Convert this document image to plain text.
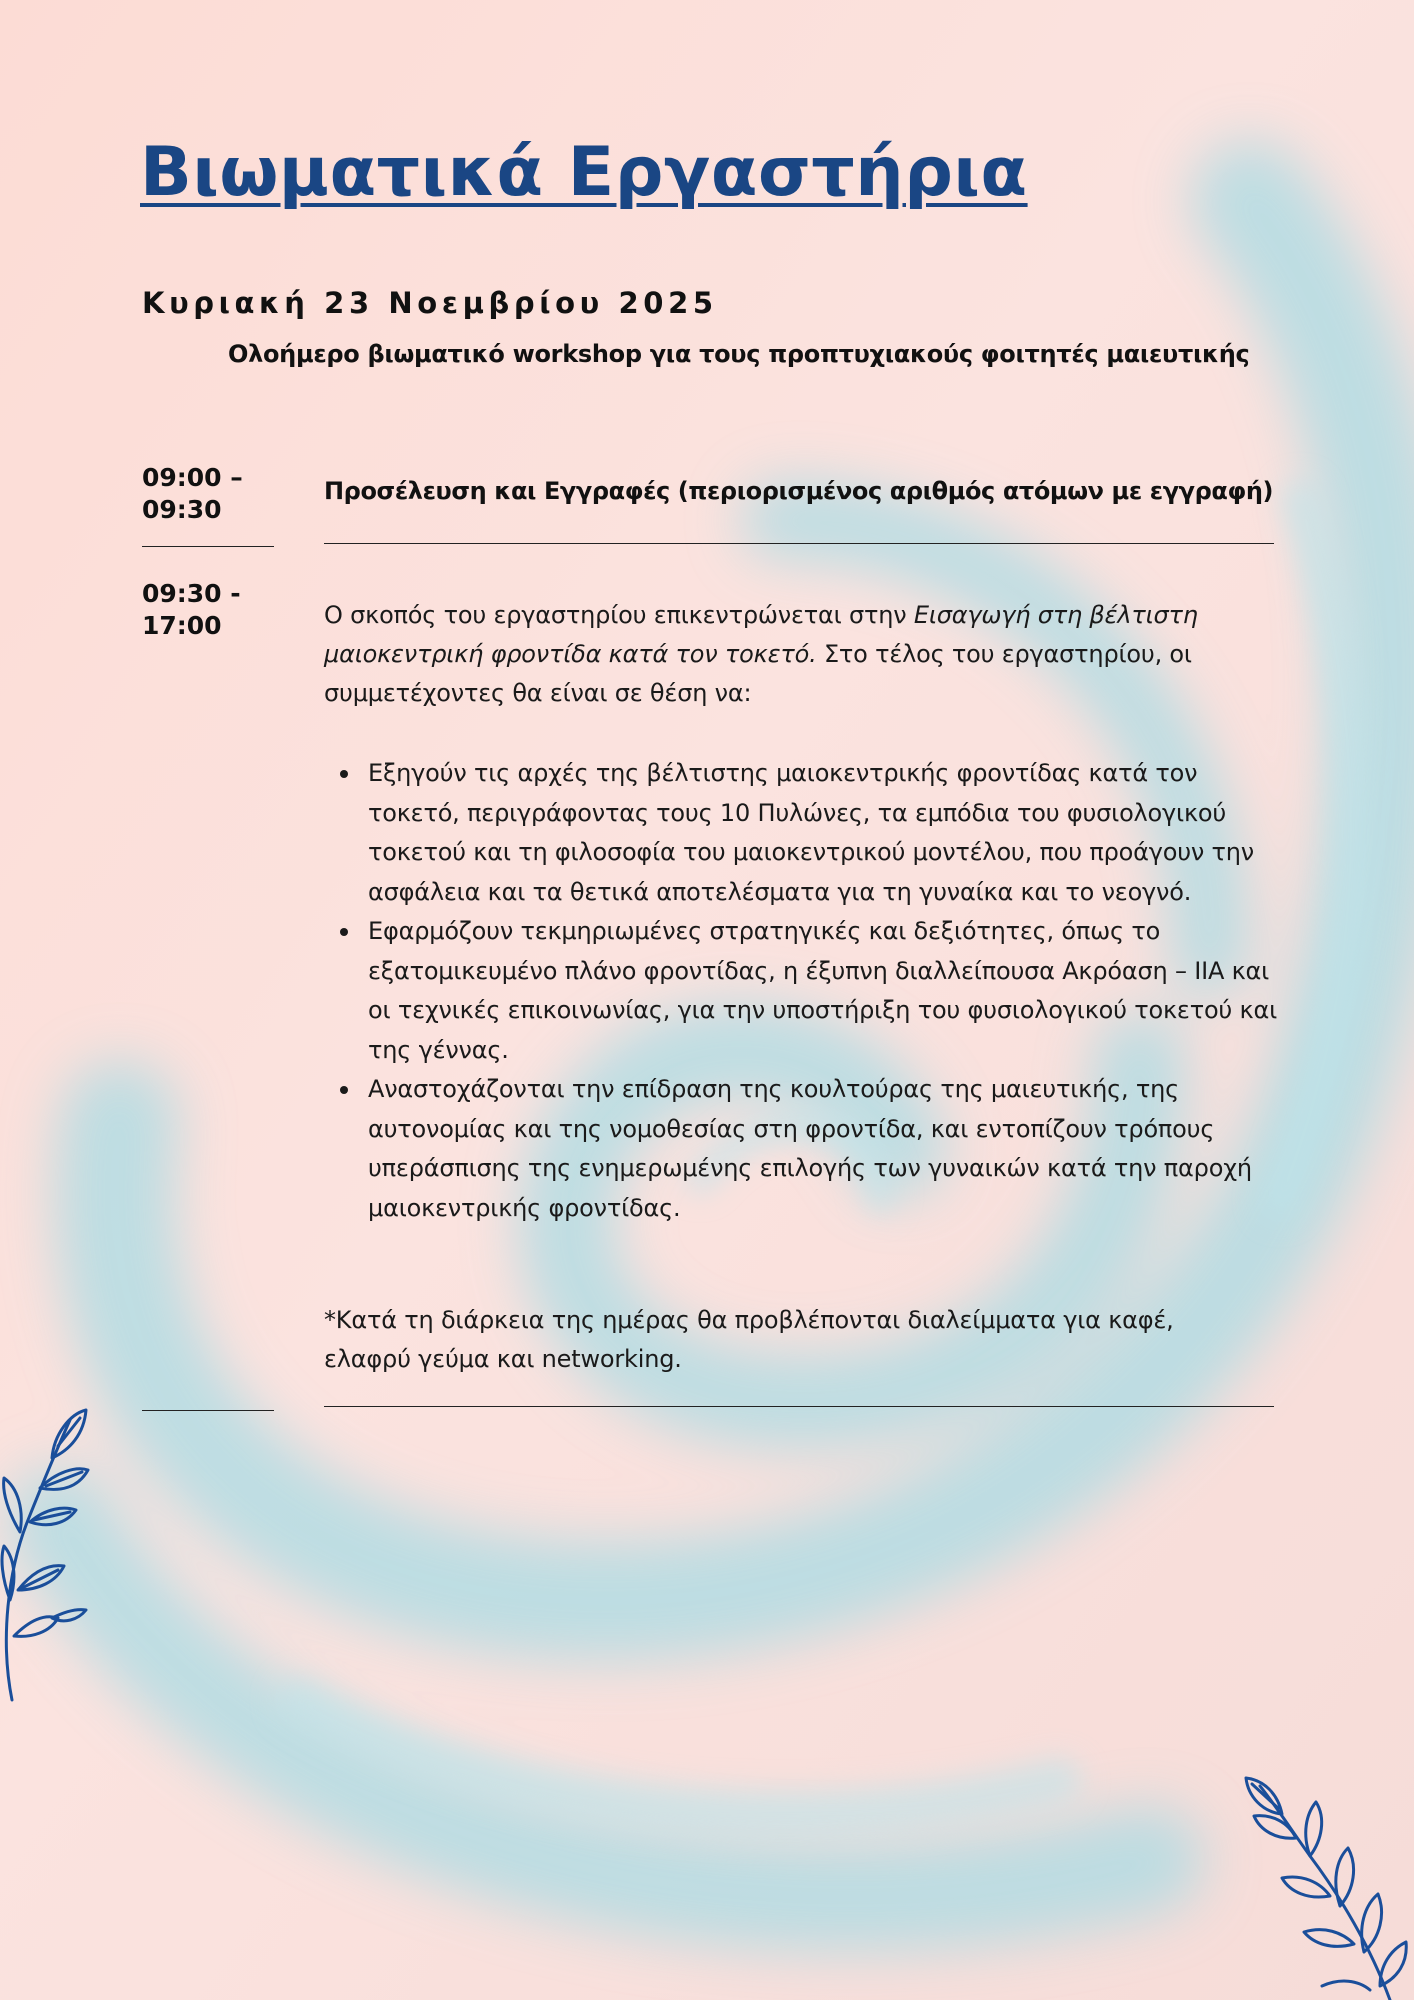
Βιωματικά Εργαστήρια

Κυριακή 23 Νοεμβρίου 2025

Ολοήμερο βιωματικό workshop για τους προπτυχιακούς φοιτητές μαιευτικής

09:00 –
09:30

Προσέλευση και Εγγραφές (περιορισμένος αριθμός ατόμων με εγγραφή)

09:30 -
17:00	Ο σκοπός του εργαστηρίου επικεντρώνεται στην Εισαγωγή στη βέλτιστη μαιοκεντρική φροντίδα κατά τον τοκετό. Στο τέλος του εργαστηρίου, οι συμμετέχοντες θα είναι σε θέση να:

Εξηγούν τις αρχές της βέλτιστης μαιοκεντρικής φροντίδας κατά τον τοκετό, περιγράφοντας τους 10 Πυλώνες, τα εμπόδια του φυσιολογικού τοκετού και τη φιλοσοφία του μαιοκεντρικού μοντέλου, που προάγουν την ασφάλεια και τα θετικά αποτελέσματα για τη γυναίκα και το νεογνό.
Εφαρμόζουν τεκμηριωμένες στρατηγικές και δεξιότητες, όπως το εξατομικευμένο πλάνο φροντίδας, η έξυπνη διαλλείπουσα Ακρόαση – IIA και οι τεχνικές επικοινωνίας, για την υποστήριξη του φυσιολογικού τοκετού και της γέννας.
Αναστοχάζονται την επίδραση της κουλτούρας της μαιευτικής, της αυτονομίας και της νομοθεσίας στη φροντίδα, και εντοπίζουν τρόπους υπεράσπισης της ενημερωμένης επιλογής των γυναικών κατά την παροχή μαιοκεντρικής φροντίδας.

*Κατά τη διάρκεια της ημέρας θα προβλέπονται διαλείμματα για καφέ, ελαφρύ γεύμα και networking.
